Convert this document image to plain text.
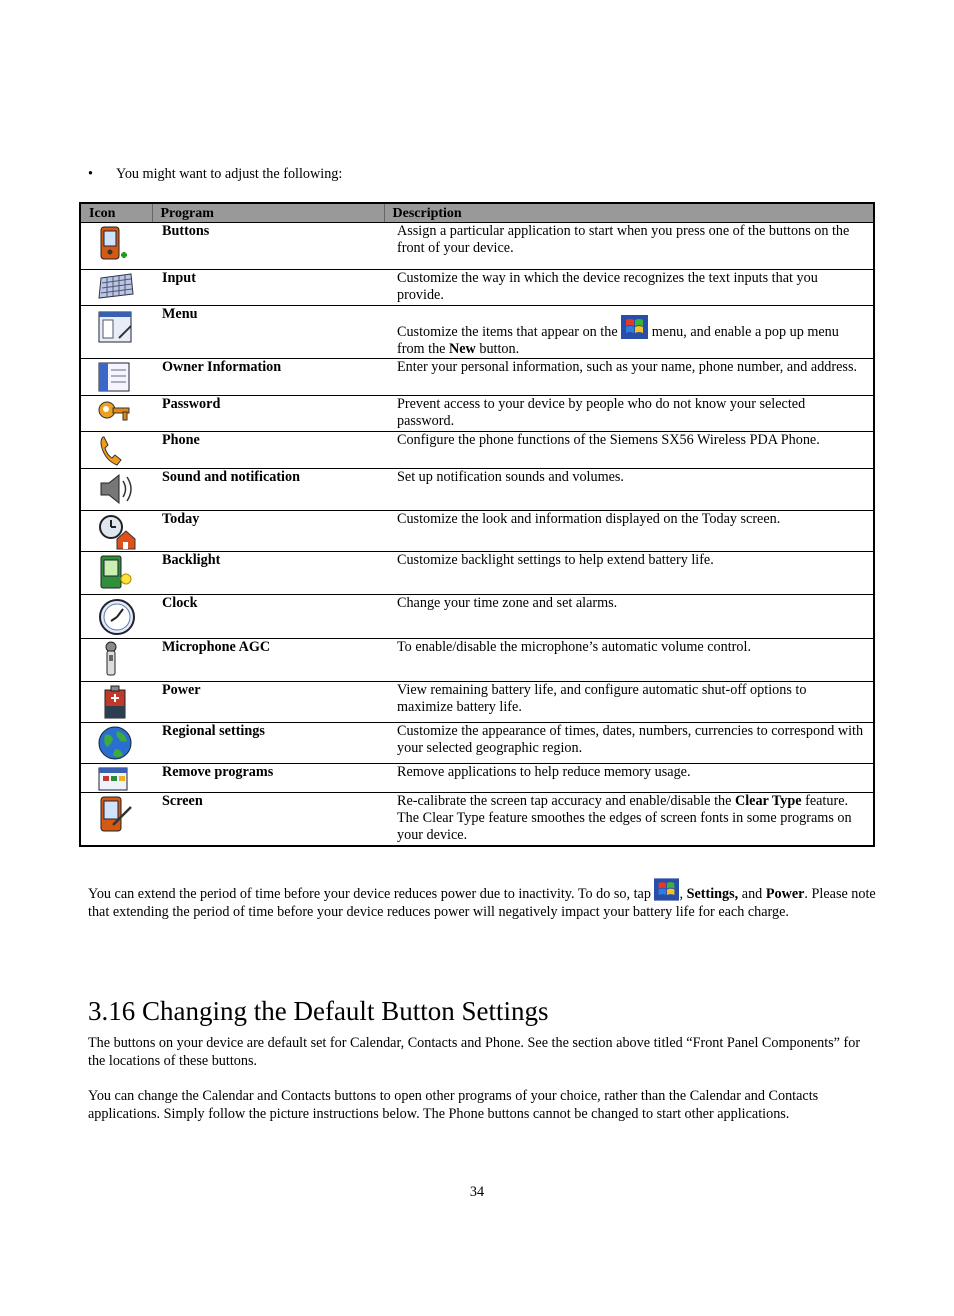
• You might want to adjust the following:
Icon	Program	Description

	Buttons	Assign a particular application to start when you press one of the buttons on the front of your device.

	Input	Customize the way in which the device recognizes the text inputs that you provide.

	Menu	Customize the items that appear on the  menu, and enable a pop up menu from the New button.

	Owner Information	Enter your personal information, such as your name, phone number, and address.

	Password	Prevent access to your device by people who do not know your selected password.

	Phone	Configure the phone functions of the Siemens SX56 Wireless PDA Phone.

	Sound and notification	Set up notification sounds and volumes.

	Today	Customize the look and information displayed on the Today screen.

	Backlight	Customize backlight settings to help extend battery life.

	Clock	Change your time zone and set alarms.

	Microphone AGC	To enable/disable the microphone’s automatic volume control.

	Power	View remaining battery life, and configure automatic shut-off options to maximize battery life.

	Regional settings	Customize the appearance of times, dates, numbers, currencies to correspond with your selected geographic region.

	Remove programs	Remove applications to help reduce memory usage.

	Screen	Re-calibrate the screen tap accuracy and enable/disable the Clear Type feature. The Clear Type feature smoothes the edges of screen fonts in some programs on your device.
You can extend the period of time before your device reduces power due to inactivity. To do so, tap , Settings, and Power. Please note that extending the period of time before your device reduces power will negatively impact your battery life for each charge.
3.16 Changing the Default Button Settings
The buttons on your device are default set for Calendar, Contacts and Phone. See the section above titled “Front Panel Components” for the locations of these buttons.
You can change the Calendar and Contacts buttons to open other programs of your choice, rather than the Calendar and Contacts applications. Simply follow the picture instructions below. The Phone buttons cannot be changed to start other applications.
34
